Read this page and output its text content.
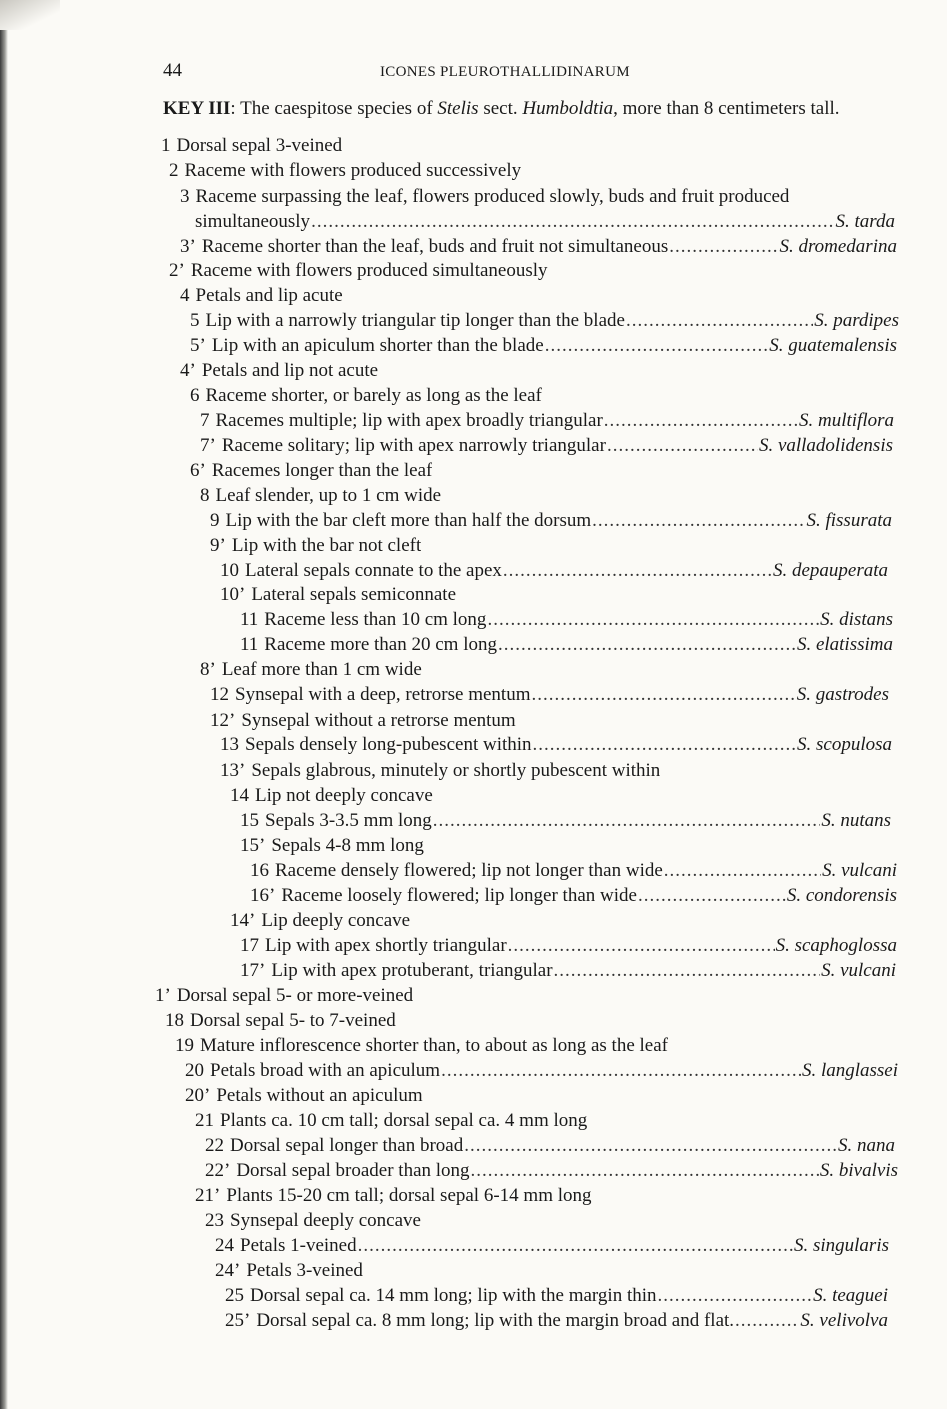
44	ICONES PLEUROTHALLIDINARUM
KEY III: The caespitose species of Stelis sect. Humboldtia, more than 8 centimeters tall.
1 Dorsal sepal 3-veined
2 Raceme with flowers produced successively
3 Raceme surpassing the leaf, flowers produced slowly, buds and fruit produced
simultaneously .....	S. tarda
3’ Raceme shorter than the leaf, buds and fruit not simultaneous .....	S. dromedarina
2’ Raceme with flowers produced simultaneously
4 Petals and lip acute
5 Lip with a narrowly triangular tip longer than the blade .....	S. pardipes
5’ Lip with an apiculum shorter than the blade .....	S. guatemalensis
4’ Petals and lip not acute
6 Raceme shorter, or barely as long as the leaf
7 Racemes multiple; lip with apex broadly triangular .....	S. multiflora
7’ Raceme solitary; lip with apex narrowly triangular .....	S. valladolidensis
6’ Racemes longer than the leaf
8 Leaf slender, up to 1 cm wide
9 Lip with the bar cleft more than half the dorsum .....	S. fissurata
9’ Lip with the bar not cleft
10 Lateral sepals connate to the apex .....	S. depauperata
10’ Lateral sepals semiconnate
11 Raceme less than 10 cm long .....	S. distans
11 Raceme more than 20 cm long .....	S. elatissima
8’ Leaf more than 1 cm wide
12 Synsepal with a deep, retrorse mentum .....	S. gastrodes
12’ Synsepal without a retrorse mentum
13 Sepals densely long-pubescent within .....	S. scopulosa
13’ Sepals glabrous, minutely or shortly pubescent within
14 Lip not deeply concave
15 Sepals 3-3.5 mm long .....	S. nutans
15’ Sepals 4-8 mm long
16 Raceme densely flowered; lip not longer than wide .....	S. vulcani
16’ Raceme loosely flowered; lip longer than wide .....	S. condorensis
14’ Lip deeply concave
17 Lip with apex shortly triangular .....	S. scaphoglossa
17’ Lip with apex protuberant, triangular .....	S. vulcani
1’ Dorsal sepal 5- or more-veined
18 Dorsal sepal 5- to 7-veined
19 Mature inflorescence shorter than, to about as long as the leaf
20 Petals broad with an apiculum .....	S. langlassei
20’ Petals without an apiculum
21 Plants ca. 10 cm tall; dorsal sepal ca. 4 mm long
22 Dorsal sepal longer than broad .....	S. nana
22’ Dorsal sepal broader than long .....	S. bivalvis
21’ Plants 15-20 cm tall; dorsal sepal 6-14 mm long
23 Synsepal deeply concave
24 Petals 1-veined .....	S. singularis
24’ Petals 3-veined
25 Dorsal sepal ca. 14 mm long; lip with the margin thin .....	S. teaguei
25’ Dorsal sepal ca. 8 mm long; lip with the margin broad and flat. .....	S. velivolva
